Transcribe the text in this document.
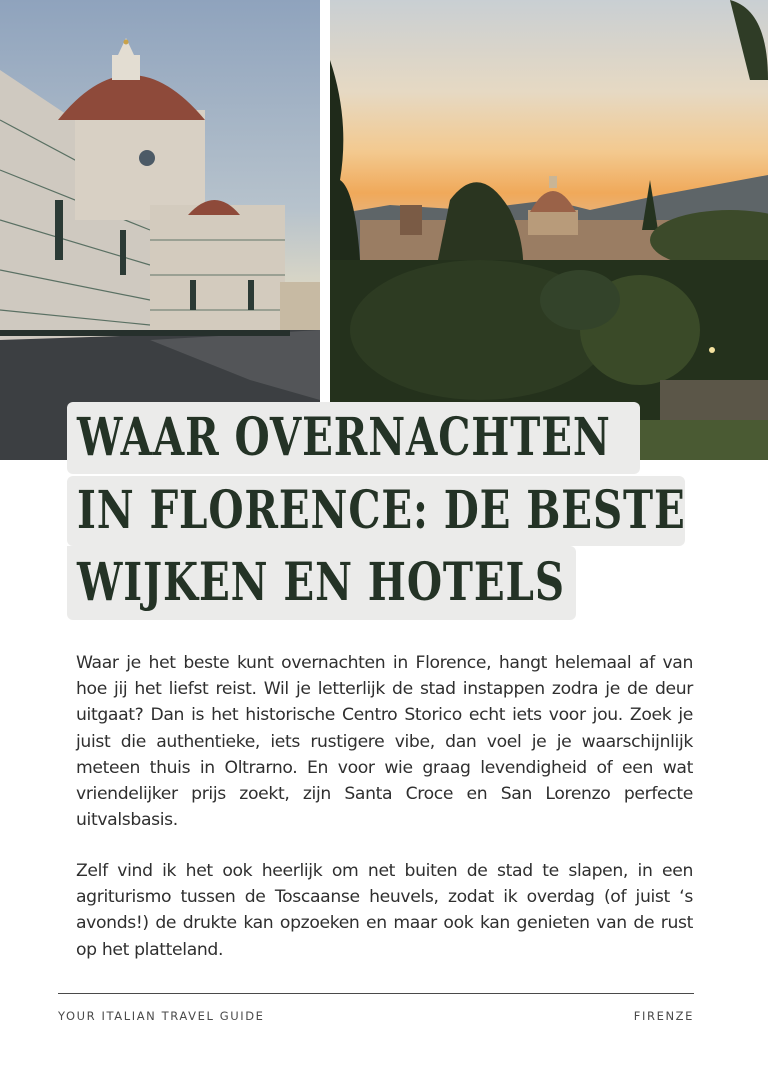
WAAR OVERNACHTEN
IN FLORENCE: DE BESTE
WIJKEN EN HOTELS

Waar je het beste kunt overnachten in Florence, hangt helemaal af van hoe jij het liefst reist. Wil je letterlijk de stad instappen zodra je de deur uitgaat? Dan is het historische Centro Storico echt iets voor jou. Zoek je juist die authentieke, iets rustigere vibe, dan voel je je waarschijnlijk meteen thuis in Oltrarno. En voor wie graag levendigheid of een wat vriendelijker prijs zoekt, zijn Santa Croce en San Lorenzo perfecte uitvalsbasis.

Zelf vind ik het ook heerlijk om net buiten de stad te slapen, in een agriturismo tussen de Toscaanse heuvels, zodat ik overdag (of juist ‘s avonds!) de drukte kan opzoeken en maar ook kan genieten van de rust op het platteland.

YOUR ITALIAN TRAVEL GUIDE	FIRENZE
